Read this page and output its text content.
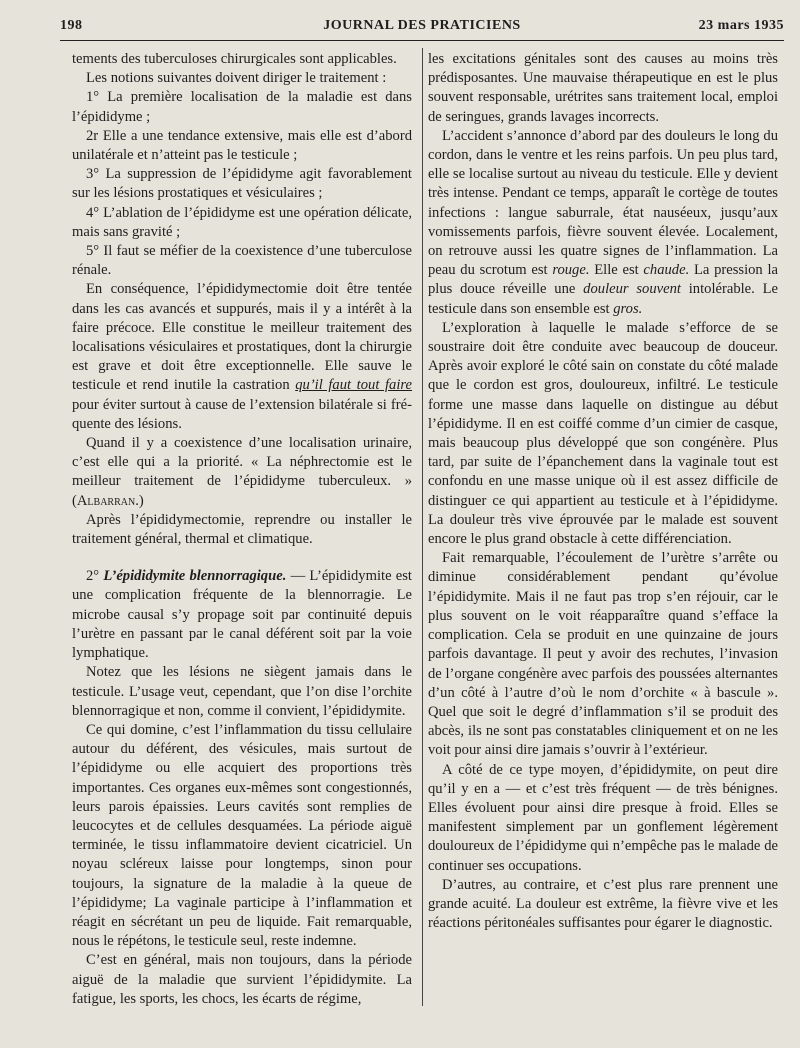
198	JOURNAL DES PRATICIENS	23 mars 1935

tements des tuberculoses chirurgicales sont applicables.

Les notions suivantes doivent diriger le traitement :

1° La première localisation de la maladie est dans l’épididyme ;

2r Elle a une tendance extensive, mais elle est d’abord unilatérale et n’atteint pas le testicule ;

3° La suppression de l’épididyme agit favorablement sur les lésions prostatiques et vésiculaires ;

4° L’ablation de l’épididyme est une opération délicate, mais sans gravité ;

5° Il faut se méfier de la coexistence d’une tuberculose rénale.

En conséquence, l’épididymectomie doit être tentée dans les cas avancés et suppurés, mais il y a intérêt à la faire précoce. Elle constitue le meilleur traitement des localisations vésiculaires et prostatiques, dont la chirurgie est grave et doit être exceptionnelle. Elle sauve le testicule et rend inutile la castration qu’il faut tout faire pour éviter surtout à cause de l’extension bilatérale si fréquente des lésions.

Quand il y a coexistence d’une localisation urinaire, c’est elle qui a la priorité. « La néphrectomie est le meilleur traitement de l’épididyme tuberculeux. » (Albarran.)

Après l’épididymectomie, reprendre ou installer le traitement général, thermal et climatique.

2° L’épididymite blennorragique. — L’épididymite est une complication fréquente de la blennorragie. Le microbe causal s’y propage soit par continuité depuis l’urètre en passant par le canal déférent soit par la voie lymphatique.

Notez que les lésions ne siègent jamais dans le testicule. L’usage veut, cependant, que l’on dise l’orchite blennorragique et non, comme il convient, l’épididymite.

Ce qui domine, c’est l’inflammation du tissu cellulaire autour du déférent, des vésicules, mais surtout de l’épididyme ou elle acquiert des proportions très importantes. Ces organes eux-mêmes sont congestionnés, leurs parois épaissies. Leurs cavités sont remplies de leucocytes et de cellules desquamées. La période aiguë terminée, le tissu inflammatoire devient cicatriciel. Un noyau scléreux laisse pour longtemps, sinon pour toujours, la signature de la maladie à la queue de l’épididyme; La vaginale participe à l’inflammation et réagit en sécrétant un peu de liquide. Fait remarquable, nous le répétons, le testicule seul, reste indemne.

C’est en général, mais non toujours, dans la période aiguë de la maladie que survient l’épididymite. La fatigue, les sports, les chocs, les écarts de régime,

les excitations génitales sont des causes au moins très prédisposantes. Une mauvaise thérapeutique en est le plus souvent responsable, urétrites sans traitement local, emploi de seringues, grands lavages incorrects.

L’accident s’annonce d’abord par des douleurs le long du cordon, dans le ventre et les reins parfois. Un peu plus tard, elle se localise surtout au niveau du testicule. Elle y devient très intense. Pendant ce temps, apparaît le cortège de toutes infections : langue saburrale, état nauséeux, jusqu’aux vomissements parfois, fièvre souvent élevée. Localement, on retrouve aussi les quatre signes de l’inflammation. La peau du scrotum est rouge. Elle est chaude. La pression la plus douce réveille une douleur souvent intolérable. Le testicule dans son ensemble est gros.

L’exploration à laquelle le malade s’efforce de se soustraire doit être conduite avec beaucoup de douceur. Après avoir exploré le côté sain on constate du côté malade que le cordon est gros, douloureux, infiltré. Le testicule forme une masse dans laquelle on distingue au début l’épididyme. Il en est coiffé comme d’un cimier de casque, mais beaucoup plus développé que son congénère. Plus tard, par suite de l’épanchement dans la vaginale tout est confondu en une masse unique où il est assez difficile de distinguer ce qui appartient au testicule et à l’épididyme. La douleur très vive éprouvée par le malade est souvent encore le plus grand obstacle à cette différenciation.

Fait remarquable, l’écoulement de l’urètre s’arrête ou diminue considérablement pendant qu’évolue l’épididymite. Mais il ne faut pas trop s’en réjouir, car le plus souvent on le voit réapparaître quand s’efface la complication. Cela se produit en une quinzaine de jours parfois davantage. Il peut y avoir des rechutes, l’invasion de l’organe congénère avec parfois des poussées alternantes d’un côté à l’autre d’où le nom d’orchite « à bascule ». Quel que soit le degré d’inflammation s’il se produit des abcès, ils ne sont pas constatables cliniquement et on ne les voit pour ainsi dire jamais s’ouvrir à l’extérieur.

A côté de ce type moyen, d’épididymite, on peut dire qu’il y en a — et c’est très fréquent — de très bénignes. Elles évoluent pour ainsi dire presque à froid. Elles se manifestent simplement par un gonflement légèrement douloureux de l’épididyme qui n’empêche pas le malade de continuer ses occupations.

D’autres, au contraire, et c’est plus rare prennent une grande acuité. La douleur est extrême, la fièvre vive et les réactions péritonéales suffisantes pour égarer le diagnostic.
